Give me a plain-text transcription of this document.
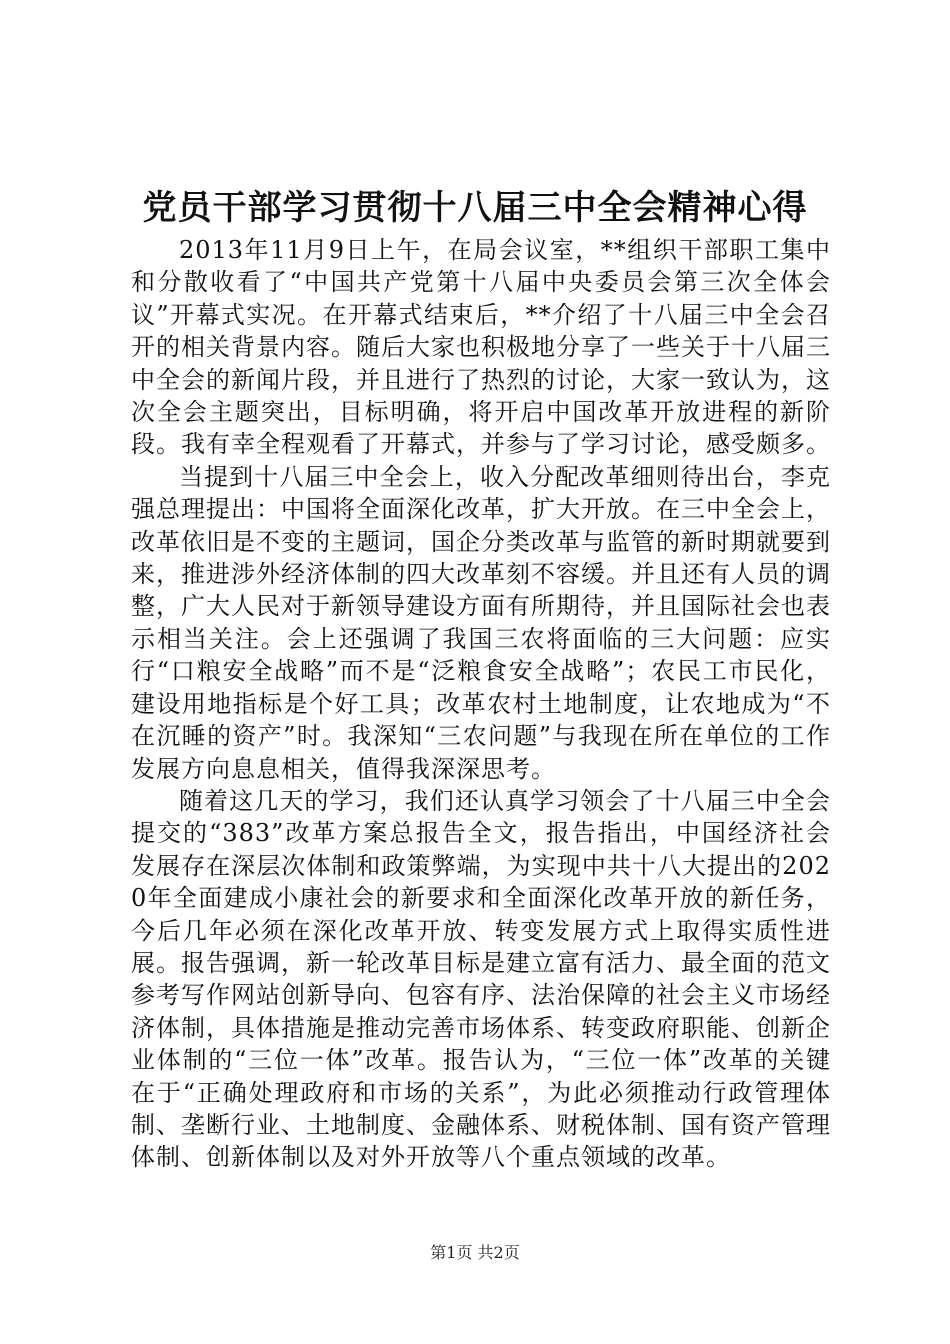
党员干部学习贯彻十八届三中全会精神心得

2013年11月9日上午，在局会议室，**组织干部职工集中和分散收看了“中国共产党第十八届中央委员会第三次全体会议”开幕式实况。在开幕式结束后，**介绍了十八届三中全会召开的相关背景内容。随后大家也积极地分享了一些关于十八届三中全会的新闻片段，并且进行了热烈的讨论，大家一致认为，这次全会主题突出，目标明确，将开启中国改革开放进程的新阶段。我有幸全程观看了开幕式，并参与了学习讨论，感受颇多。

当提到十八届三中全会上，收入分配改革细则待出台，李克强总理提出：中国将全面深化改革，扩大开放。在三中全会上，改革依旧是不变的主题词，国企分类改革与监管的新时期就要到来，推进涉外经济体制的四大改革刻不容缓。并且还有人员的调整，广大人民对于新领导建设方面有所期待，并且国际社会也表示相当关注。会上还强调了我国三农将面临的三大问题：应实行“口粮安全战略”而不是“泛粮食安全战略”；农民工市民化，建设用地指标是个好工具；改革农村土地制度，让农地成为“不在沉睡的资产”时。我深知“三农问题”与我现在所在单位的工作发展方向息息相关，值得我深深思考。

随着这几天的学习，我们还认真学习领会了十八届三中全会提交的“383”改革方案总报告全文，报告指出，中国经济社会发展存在深层次体制和政策弊端，为实现中共十八大提出的2020年全面建成小康社会的新要求和全面深化改革开放的新任务，今后几年必须在深化改革开放、转变发展方式上取得实质性进展。报告强调，新一轮改革目标是建立富有活力、最全面的范文参考写作网站创新导向、包容有序、法治保障的社会主义市场经济体制，具体措施是推动完善市场体系、转变政府职能、创新企业体制的“三位一体”改革。报告认为，“三位一体”改革的关键在于“正确处理政府和市场的关系”，为此必须推动行政管理体制、垄断行业、土地制度、金融体系、财税体制、国有资产管理体制、创新体制以及对外开放等八个重点领域的改革。

第1页 共2页
